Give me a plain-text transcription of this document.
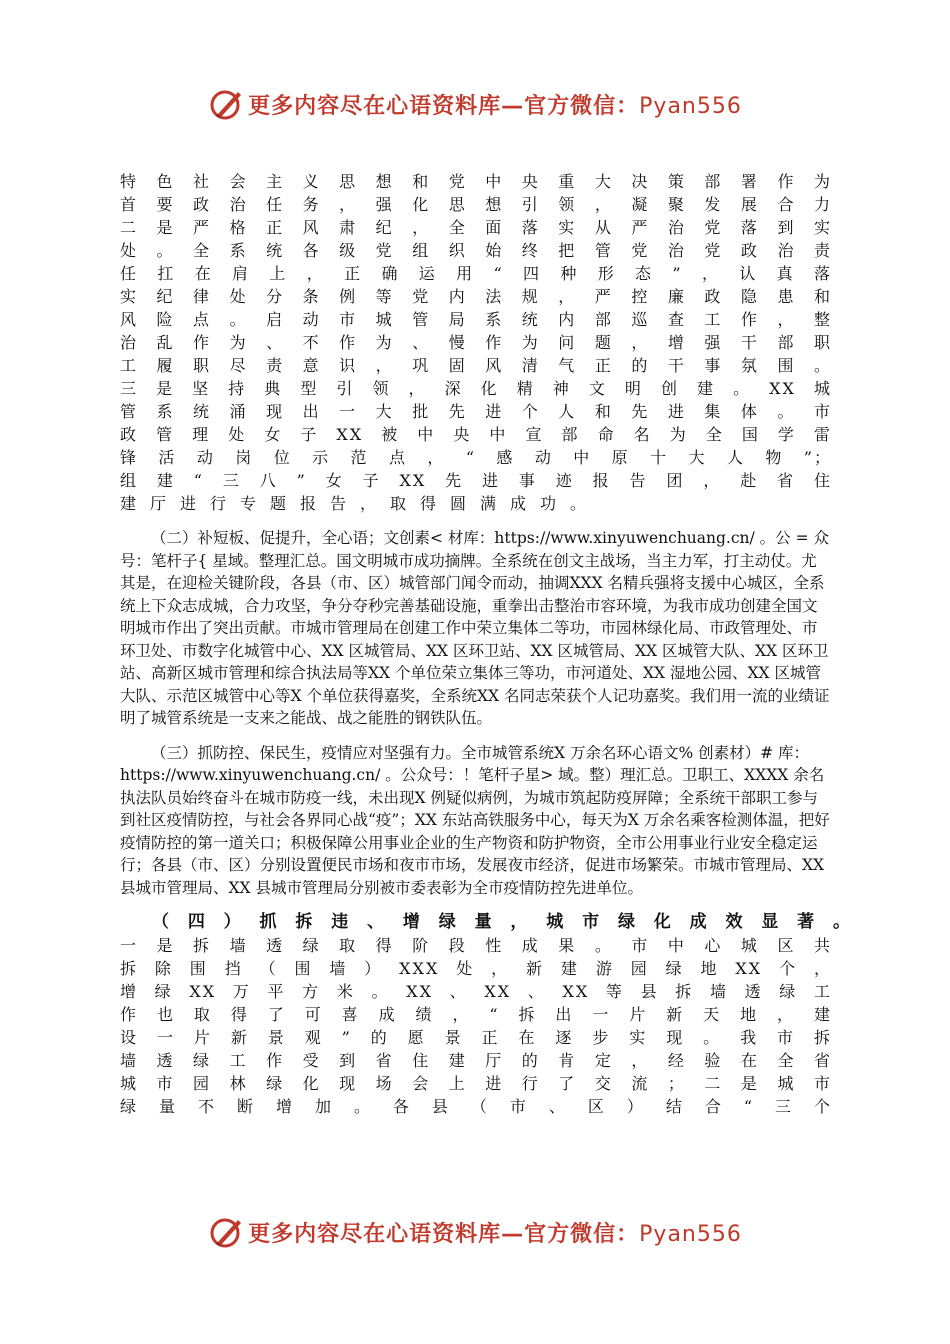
更多内容尽在心语资料库—官方微信：Pyan556
特色社会主义思想和党中央重大决策部署作为
首要政治任务，强化思想引领，凝聚发展合力
二是严格正风肃纪，全面落实从严治党落到实
处。全系统各级党组织始终把管党治党政治责
任扛在肩上，正确运用“四种形态”，认真落
实纪律处分条例等党内法规，严控廉政隐患和
风险点。启动市城管局系统内部巡查工作，整
治乱作为、不作为、慢作为问题，增强干部职
工履职尽责意识，巩固风清气正的干事氛围。
三是坚持典型引领，深化精神文明创建。XX城
管系统涌现出一大批先进个人和先进集体。市
政管理处女子XX被中央中宣部命名为全国学雷
锋活动岗位示范点，“感动中原十大人物”；
组建“三八”女子XX先进事迹报告团，赴省住
建厅进行专题报告，取得圆满成功。

（二）补短板、促提升，全心语；文创素< 材库：https://www.xinyuwenchuang.cn/ 。公 = 众号：笔杆子{ 星域。整理汇总。国文明城市成功摘牌。全系统在创文主战场，当主力军，打主动仗。尤其是，在迎检关键阶段，各县（市、区）城管部门闻令而动，抽调XXX 名精兵强将支援中心城区，全系统上下众志成城，合力攻坚，争分夺秒完善基础设施，重拳出击整治市容环境，为我市成功创建全国文明城市作出了突出贡献。市城市管理局在创建工作中荣立集体二等功，市园林绿化局、市政管理处、市环卫处、市数字化城管中心、XX 区城管局、XX 区环卫站、XX 区城管局、XX 区城管大队、XX 区环卫站、高新区城市管理和综合执法局等XX 个单位荣立集体三等功，市河道处、XX 湿地公园、XX 区城管大队、示范区城管中心等X 个单位获得嘉奖，全系统XX 名同志荣获个人记功嘉奖。我们用一流的业绩证明了城管系统是一支来之能战、战之能胜的钢铁队伍。

（三）抓防控、保民生，疫情应对坚强有力。全市城管系统X 万余名环心语文% 创素材）# 库：https://www.xinyuwenchuang.cn/ 。公众号：！笔杆子星> 域。整）理汇总。卫职工、XXXX 余名执法队员始终奋斗在城市防疫一线，未出现X 例疑似病例，为城市筑起防疫屏障；全系统干部职工参与到社区疫情防控，与社会各界同心战“疫”；XX 东站高铁服务中心，每天为X 万余名乘客检测体温，把好疫情防控的第一道关口；积极保障公用事业企业的生产物资和防护物资，全市公用事业行业安全稳定运行；各县（市、区）分别设置便民市场和夜市市场，发展夜市经济，促进市场繁荣。市城市管理局、XX 县城市管理局、XX 县城市管理局分别被市委表彰为全市疫情防控先进单位。

（四）抓拆违、增绿量，城市绿化成效显著。
一是拆墙透绿取得阶段性成果。市中心城区共
拆除围挡（围墙）XXX处，新建游园绿地XX个，
增绿XX万平方米。XX、XX、XX等县拆墙透绿工
作也取得了可喜成绩，“拆出一片新天地，建
设一片新景观”的愿景正在逐步实现。我市拆
墙透绿工作受到省住建厅的肯定，经验在全省
城市园林绿化现场会上进行了交流；二是城市
绿量不断增加。各县（市、区）结合“三个
更多内容尽在心语资料库—官方微信：Pyan556
